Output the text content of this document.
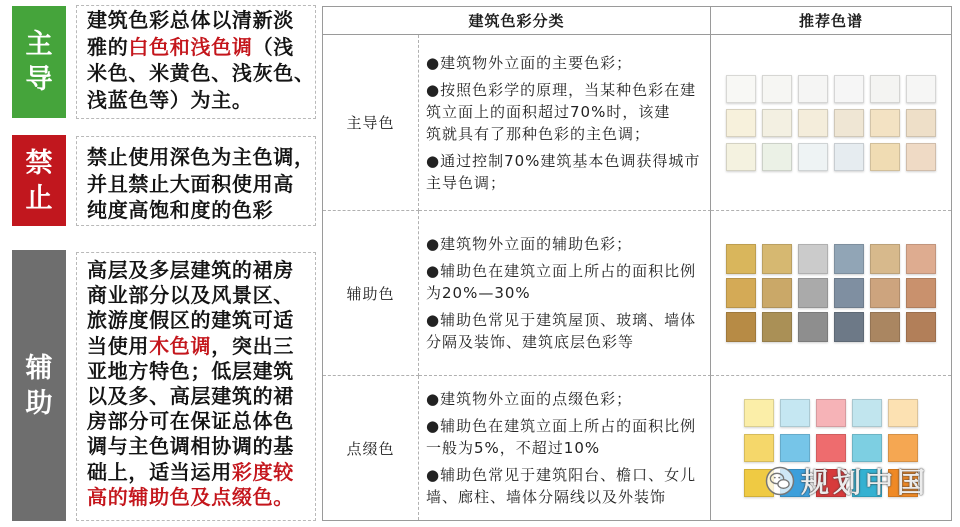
主导
建筑色彩总体以清新淡
雅的白色和浅色调（浅
米色、米黄色、浅灰色、
浅蓝色等）为主。
禁止
禁止使用深色为主色调，
并且禁止大面积使用高
纯度高饱和度的色彩
辅助
高层及多层建筑的裙房
商业部分以及风景区、
旅游度假区的建筑可适
当使用木色调，突出三
亚地方特色；低层建筑
以及多、高层建筑的裙
房部分可在保证总体色
调与主色调相协调的基
础上，适当运用彩度较
高的辅助色及点缀色。
建筑色彩分类	推荐色谱
主导色
●建筑物外立面的主要色彩；
●按照色彩学的原理，当某种色彩在建
筑立面上的面积超过70%时，该建
筑就具有了那种色彩的主色调；
●通过控制70%建筑基本色调获得城市
主导色调；
辅助色
●建筑物外立面的辅助色彩；
●辅助色在建筑立面上所占的面积比例
为20%—30%
●辅助色常见于建筑屋顶、玻璃、墙体
分隔及装饰、建筑底层色彩等
点缀色
●建筑物外立面的点缀色彩；
●辅助色在建筑立面上所占的面积比例
一般为5%，不超过10%
●辅助色常见于建筑阳台、檐口、女儿
墙、廊柱、墙体分隔线以及外装饰	规划中国
